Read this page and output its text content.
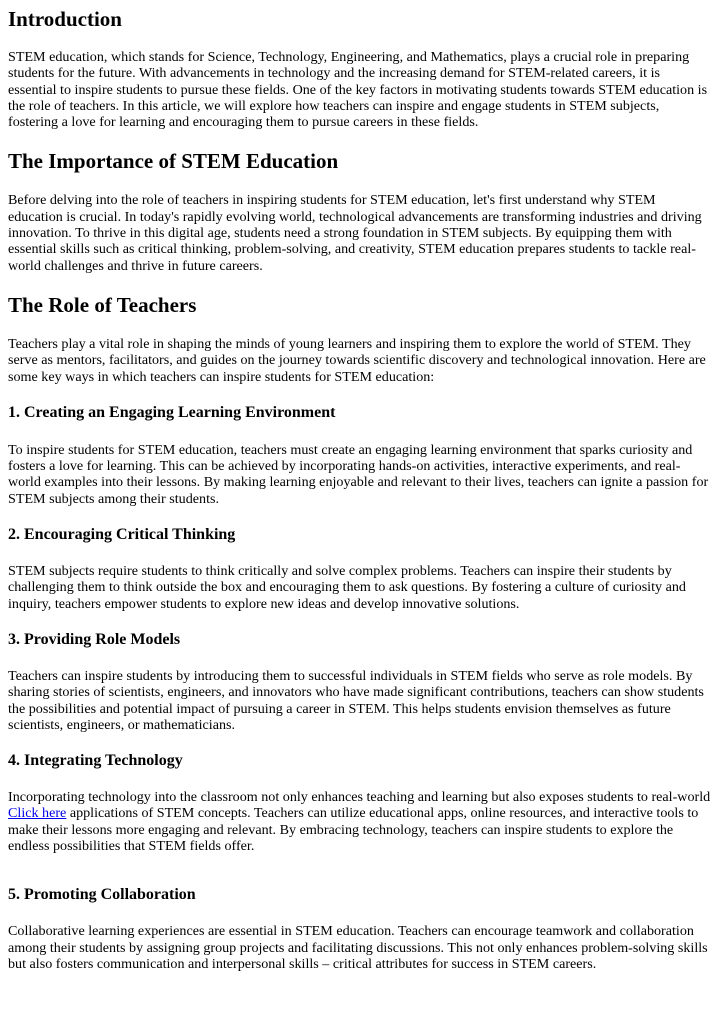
Introduction

STEM education, which stands for Science, Technology, Engineering, and Mathematics, plays a crucial role in preparing students for the future. With advancements in technology and the increasing demand for STEM-related careers, it is essential to inspire students to pursue these fields. One of the key factors in motivating students towards STEM education is the role of teachers. In this article, we will explore how teachers can inspire and engage students in STEM subjects, fostering a love for learning and encouraging them to pursue careers in these fields.

The Importance of STEM Education

Before delving into the role of teachers in inspiring students for STEM education, let's first understand why STEM education is crucial. In today's rapidly evolving world, technological advancements are transforming industries and driving innovation. To thrive in this digital age, students need a strong foundation in STEM subjects. By equipping them with essential skills such as critical thinking, problem-solving, and creativity, STEM education prepares students to tackle real-world challenges and thrive in future careers.

The Role of Teachers

Teachers play a vital role in shaping the minds of young learners and inspiring them to explore the world of STEM. They serve as mentors, facilitators, and guides on the journey towards scientific discovery and technological innovation. Here are some key ways in which teachers can inspire students for STEM education:

1. Creating an Engaging Learning Environment

To inspire students for STEM education, teachers must create an engaging learning environment that sparks curiosity and fosters a love for learning. This can be achieved by incorporating hands-on activities, interactive experiments, and real-world examples into their lessons. By making learning enjoyable and relevant to their lives, teachers can ignite a passion for STEM subjects among their students.

2. Encouraging Critical Thinking

STEM subjects require students to think critically and solve complex problems. Teachers can inspire their students by challenging them to think outside the box and encouraging them to ask questions. By fostering a culture of curiosity and inquiry, teachers empower students to explore new ideas and develop innovative solutions.

3. Providing Role Models

Teachers can inspire students by introducing them to successful individuals in STEM fields who serve as role models. By sharing stories of scientists, engineers, and innovators who have made significant contributions, teachers can show students the possibilities and potential impact of pursuing a career in STEM. This helps students envision themselves as future scientists, engineers, or mathematicians.

4. Integrating Technology

Incorporating technology into the classroom not only enhances teaching and learning but also exposes students to real-world Click here applications of STEM concepts. Teachers can utilize educational apps, online resources, and interactive tools to make their lessons more engaging and relevant. By embracing technology, teachers can inspire students to explore the endless possibilities that STEM fields offer.

5. Promoting Collaboration

Collaborative learning experiences are essential in STEM education. Teachers can encourage teamwork and collaboration among their students by assigning group projects and facilitating discussions. This not only enhances problem-solving skills but also fosters communication and interpersonal skills – critical attributes for success in STEM careers.
